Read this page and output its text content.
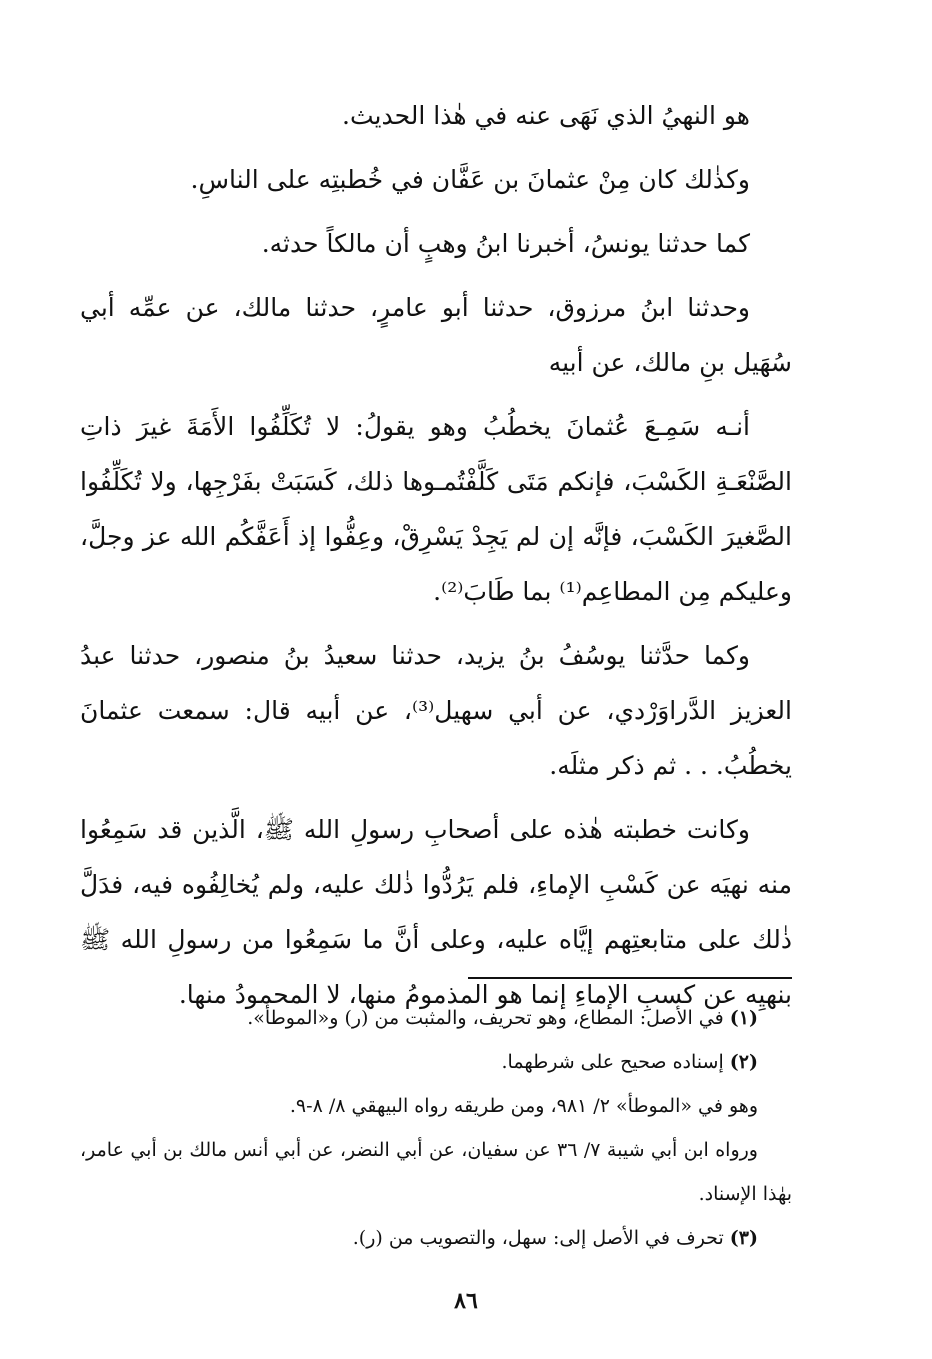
هو النهيُ الذي نَهَى عنه في هٰذا الحديث.

وكذٰلك كان مِنْ عثمانَ بن عَفَّان في خُطبتِه على الناسِ.

كما حدثنا يونسُ، أخبرنا ابنُ وهبٍ أن مالكاً حدثه.

وحدثنا ابنُ مرزوق، حدثنا أبو عامرٍ، حدثنا مالك، عن عمِّه أبي سُهَيل بنِ مالك، عن أبيه

أنـه سَمِـعَ عُثمانَ يخطُبُ وهو يقولُ: لا تُكَلِّفُوا الأَمَةَ غيرَ ذاتِ الصَّنْعَـةِ الكَسْبَ، فإنكم مَتَى كَلَّفْتُمـوها ذلك، كَسَبَتْ بفَرْجِها، ولا تُكَلِّفُوا الصَّغيرَ الكَسْبَ، فإنَّه إن لم يَجِدْ يَسْرِقْ، وعِفُّوا إذ أَعَفَّكُم الله عز وجلَّ، وعليكم مِن المطاعِم⁽¹⁾ بما طَابَ⁽²⁾.

وكما حدَّثنا يوسُفُ بنُ يزيد، حدثنا سعيدُ بنُ منصور، حدثنا عبدُ العزيز الدَّراوَرْدي، عن أبي سهيل⁽³⁾، عن أبيه قال: سمعت عثمانَ يخطُبُ. . . ثم ذكر مثلَه.

وكانت خطبته هٰذه على أصحابِ رسولِ الله ﷺ، الَّذين قد سَمِعُوا منه نهيَه عن كَسْبِ الإماءِ، فلم يَرُدُّوا ذٰلك عليه، ولم يُخالِفُوه فيه، فدَلَّ ذٰلك على متابعتِهم إيَّاه عليه، وعلى أنَّ ما سَمِعُوا من رسولِ الله ﷺ بنهيِه عن كسبِ الإماءِ إنما هو المذمومُ منها، لا المحمودُ منها.

(١) في الأصل: المطاع، وهو تحريف، والمثبت من (ر) و«الموطأ».

(٢) إسناده صحيح على شرطهما.

وهو في «الموطأ» ٢/ ٩٨١، ومن طريقه رواه البيهقي ٨/ ٨-٩.

ورواه ابن أبي شيبة ٧/ ٣٦ عن سفيان، عن أبي النضر، عن أبي أنس مالك بن أبي عامر، بهٰذا الإسناد.

(٣) تحرف في الأصل إلى: سهل، والتصويب من (ر).

٨٦
